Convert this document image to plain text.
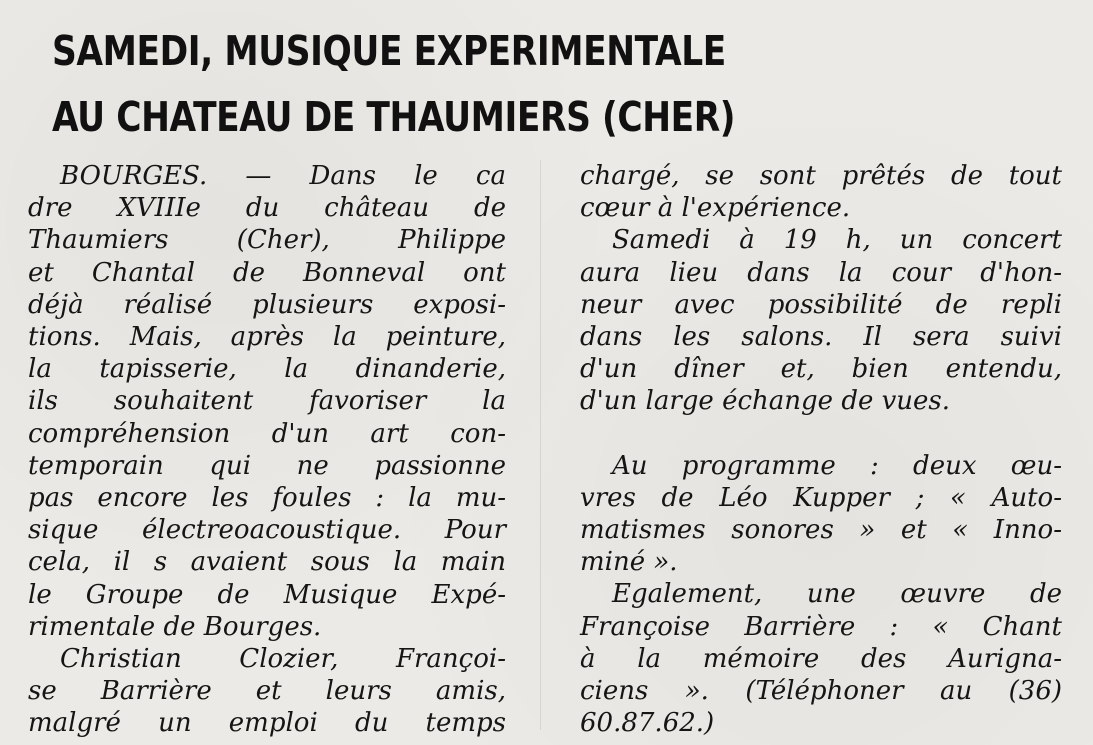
SAMEDI, MUSIQUE EXPERIMENTALE
AU CHATEAU DE THAUMIERS (CHER)
BOURGES. — Dans le ca
dre XVIIIe du château de
Thaumiers (Cher), Philippe
et Chantal de Bonneval ont
déjà réalisé plusieurs exposi-
tions. Mais, après la peinture,
la tapisserie, la dinanderie,
ils souhaitent favoriser la
compréhension d'un art con-
temporain qui ne passionne
pas encore les foules : la mu-
sique électreoacoustique. Pour
cela, il s avaient sous la main
le Groupe de Musique Expé-
rimentale de Bourges.
Christian Clozier, Françoi-
se Barrière et leurs amis,
malgré un emploi du temps
chargé, se sont prêtés de tout
cœur à l'expérience.
Samedi à 19 h, un concert
aura lieu dans la cour d'hon-
neur avec possibilité de repli
dans les salons. Il sera suivi
d'un dîner et, bien entendu,
d'un large échange de vues.
Au programme : deux œu-
vres de Léo Kupper ; « Auto-
matismes sonores » et « Inno-
miné ».
Egalement, une œuvre de
Françoise Barrière : « Chant
à la mémoire des Aurigna-
ciens ». (Téléphoner au (36)
60.87.62.)
